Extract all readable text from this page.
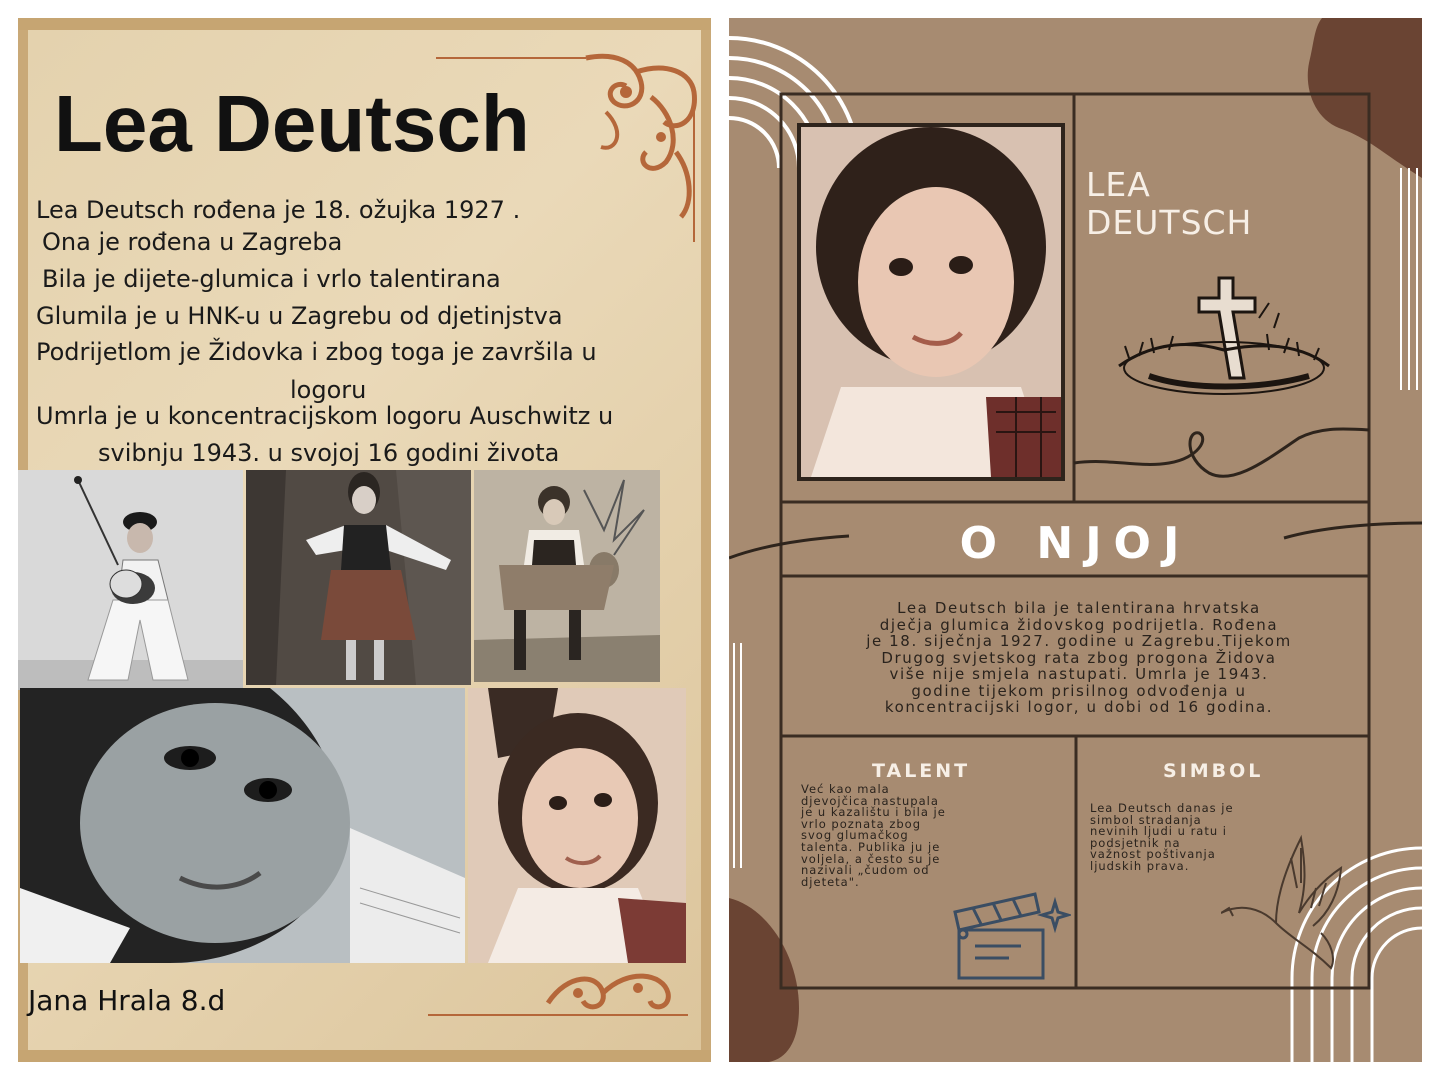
Lea Deutsch
Lea Deutsch rođena je 18. ožujka 1927 .
Ona je rođena u Zagreba
Bila je dijete-glumica i vrlo talentirana
Glumila je u HNK-u u Zagrebu od djetinjstva
Podrijetlom je Židovka i zbog toga je završila u
logoru
Umrla je u koncentracijskom logoru Auschwitz u
svibnju 1943. u svojoj 16 godini života
Jana Hrala 8.d
LEA
DEUTSCH
O NJOJ
Lea Deutsch bila je talentirana hrvatska
dječja glumica židovskog podrijetla. Rođena
je 18. siječnja 1927. godine u Zagrebu.Tijekom
Drugog svjetskog rata zbog progona Židova
više nije smjela nastupati. Umrla je 1943.
godine tijekom prisilnog odvođenja u
koncentracijski logor, u dobi od 16 godina.
TALENT	SIMBOL
Već kao mala
djevojčica nastupala
je u kazalištu i bila je
vrlo poznata zbog
svog glumačkog
talenta. Publika ju je
voljela, a često su je
nazivali „čudom od
djeteta".
Lea Deutsch danas je
simbol stradanja
nevinih ljudi u ratu i
podsjetnik na
važnost poštivanja
ljudskih prava.
